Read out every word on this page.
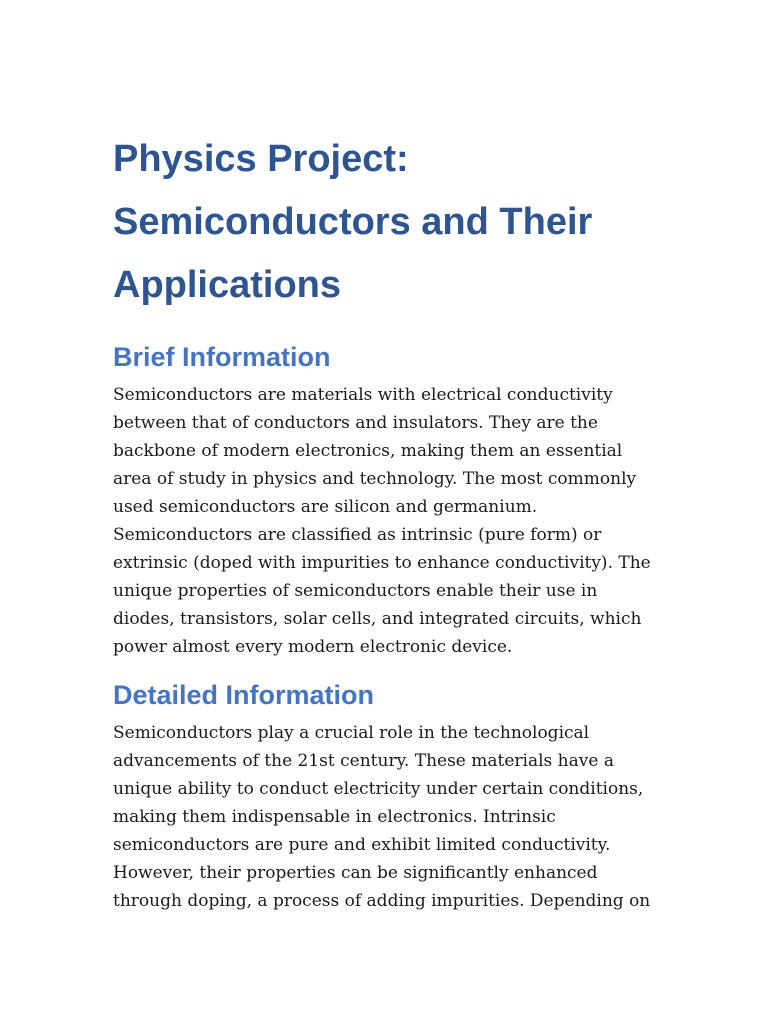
Physics Project:
Semiconductors and Their
Applications
Brief Information

Semiconductors are materials with electrical conductivity
between that of conductors and insulators. They are the
backbone of modern electronics, making them an essential
area of study in physics and technology. The most commonly
used semiconductors are silicon and germanium.
Semiconductors are classified as intrinsic (pure form) or
extrinsic (doped with impurities to enhance conductivity). The
unique properties of semiconductors enable their use in
diodes, transistors, solar cells, and integrated circuits, which
power almost every modern electronic device.

Detailed Information

Semiconductors play a crucial role in the technological
advancements of the 21st century. These materials have a
unique ability to conduct electricity under certain conditions,
making them indispensable in electronics. Intrinsic
semiconductors are pure and exhibit limited conductivity.
However, their properties can be significantly enhanced
through doping, a process of adding impurities. Depending on
